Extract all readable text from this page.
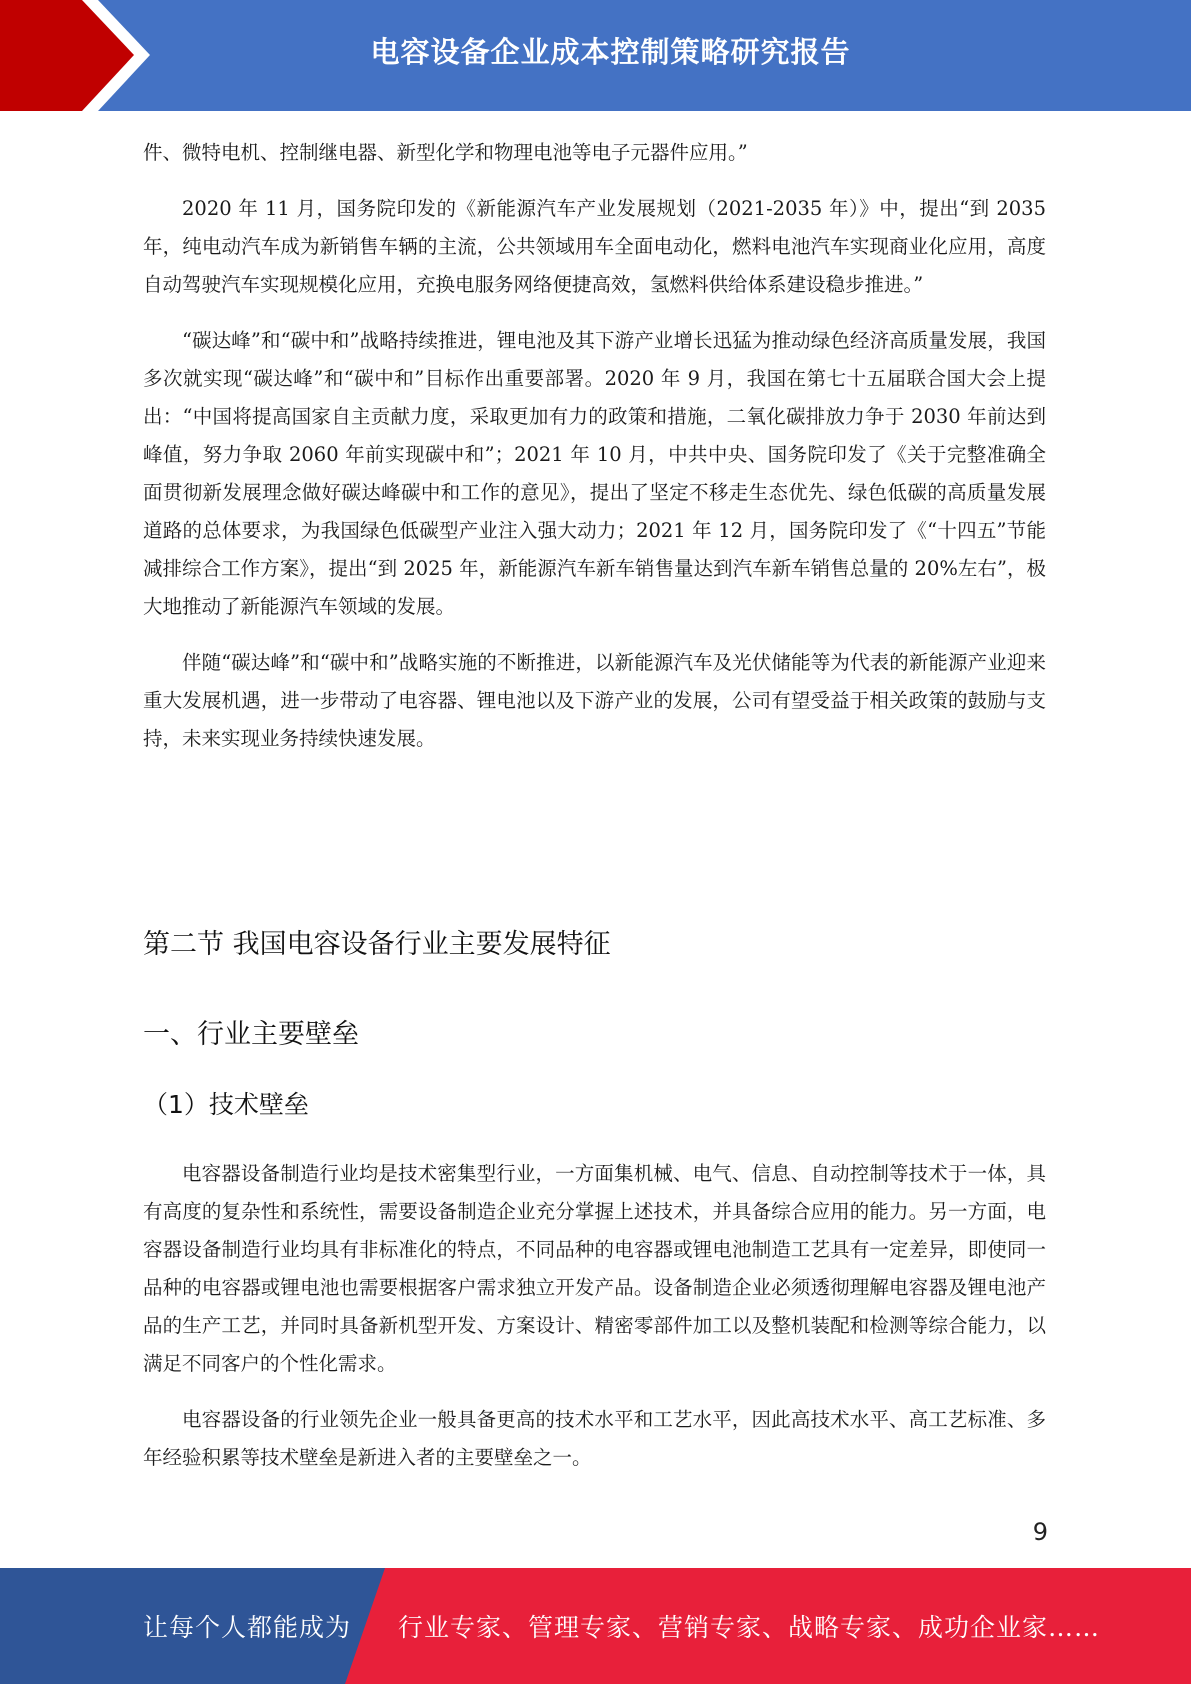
电容设备企业成本控制策略研究报告

件、微特电机、控制继电器、新型化学和物理电池等电子元器件应用。”

2020 年 11 月，国务院印发的《新能源汽车产业发展规划（2021-2035 年）》中，提出“到 2035 年，纯电动汽车成为新销售车辆的主流，公共领域用车全面电动化，燃料电池汽车实现商业化应用，高度自动驾驶汽车实现规模化应用，充换电服务网络便捷高效，氢燃料供给体系建设稳步推进。”

“碳达峰”和“碳中和”战略持续推进，锂电池及其下游产业增长迅猛为推动绿色经济高质量发展，我国多次就实现“碳达峰”和“碳中和”目标作出重要部署。2020 年 9 月，我国在第七十五届联合国大会上提出：“中国将提高国家自主贡献力度，采取更加有力的政策和措施，二氧化碳排放力争于 2030 年前达到峰值，努力争取 2060 年前实现碳中和”；2021 年 10 月，中共中央、国务院印发了《关于完整准确全面贯彻新发展理念做好碳达峰碳中和工作的意见》，提出了坚定不移走生态优先、绿色低碳的高质量发展道路的总体要求，为我国绿色低碳型产业注入强大动力；2021 年 12 月，国务院印发了《“十四五”节能减排综合工作方案》，提出“到 2025 年，新能源汽车新车销售量达到汽车新车销售总量的 20%左右”，极大地推动了新能源汽车领域的发展。

伴随“碳达峰”和“碳中和”战略实施的不断推进，以新能源汽车及光伏储能等为代表的新能源产业迎来重大发展机遇，进一步带动了电容器、锂电池以及下游产业的发展，公司有望受益于相关政策的鼓励与支持，未来实现业务持续快速发展。

第二节 我国电容设备行业主要发展特征
一、行业主要壁垒
（1）技术壁垒

电容器设备制造行业均是技术密集型行业，一方面集机械、电气、信息、自动控制等技术于一体，具有高度的复杂性和系统性，需要设备制造企业充分掌握上述技术，并具备综合应用的能力。另一方面，电容器设备制造行业均具有非标准化的特点，不同品种的电容器或锂电池制造工艺具有一定差异，即使同一品种的电容器或锂电池也需要根据客户需求独立开发产品。设备制造企业必须透彻理解电容器及锂电池产品的生产工艺，并同时具备新机型开发、方案设计、精密零部件加工以及整机装配和检测等综合能力，以满足不同客户的个性化需求。

电容器设备的行业领先企业一般具备更高的技术水平和工艺水平，因此高技术水平、高工艺标准、多年经验积累等技术壁垒是新进入者的主要壁垒之一。

9
让每个人都能成为 行业专家、管理专家、营销专家、战略专家、成功企业家……
